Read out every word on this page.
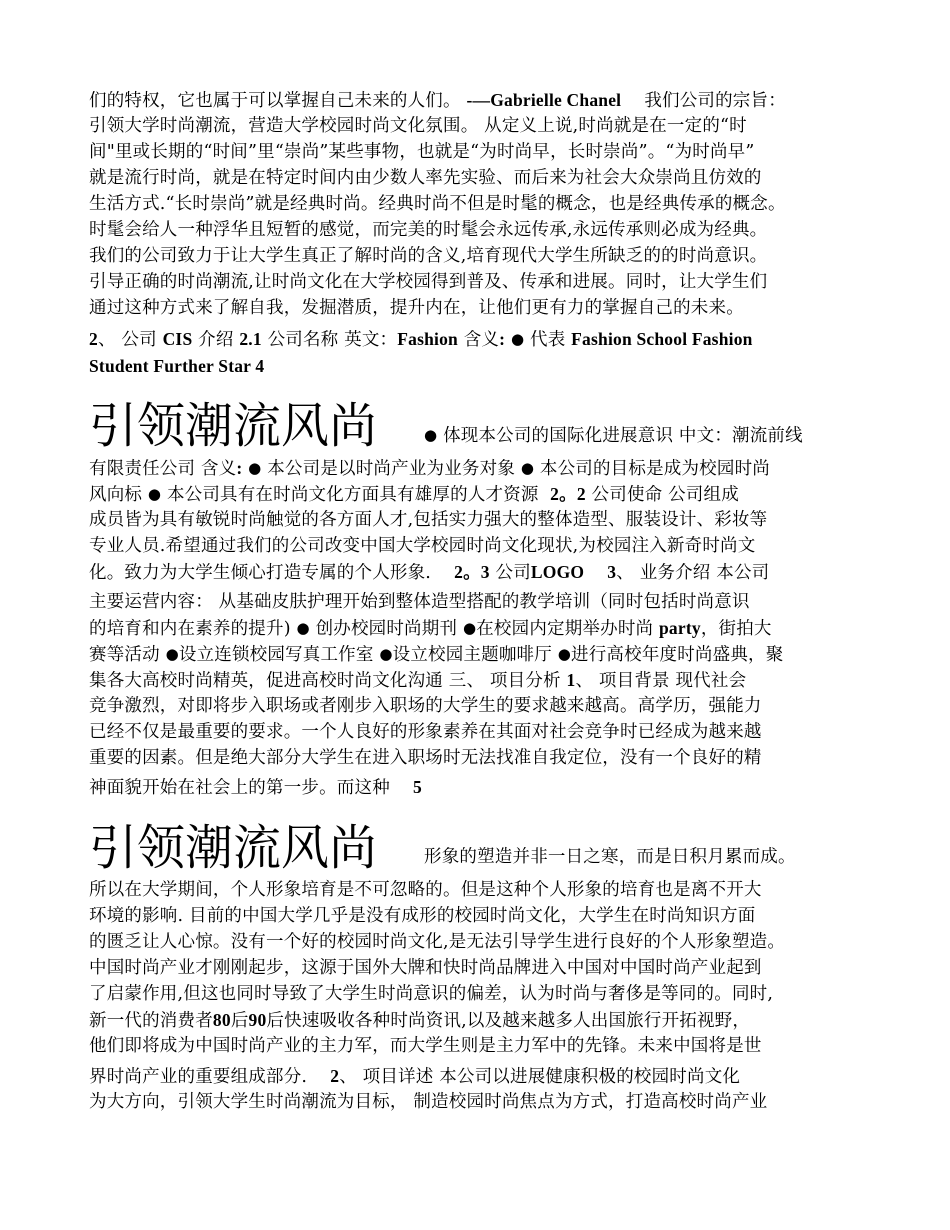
们的特权，它也属于可以掌握自己未来的人们。 -—Gabrielle Chanel 我们公司的宗旨：
引领大学时尚潮流，营造大学校园时尚文化氛围。 从定义上说,时尚就是在一定的“时
间"里或长期的“时间”里“崇尚”某些事物，也就是“为时尚早，长时崇尚”。“为时尚早”
就是流行时尚，就是在特定时间内由少数人率先实验、而后来为社会大众崇尚且仿效的
生活方式.“长时崇尚”就是经典时尚。经典时尚不但是时髦的概念，也是经典传承的概念。
时髦会给人一种浮华且短暂的感觉，而完美的时髦会永远传承,永远传承则必成为经典。
我们的公司致力于让大学生真正了解时尚的含义,培育现代大学生所缺乏的的时尚意识。
引导正确的时尚潮流,让时尚文化在大学校园得到普及、传承和进展。同时，让大学生们
通过这种方式来了解自我，发掘潜质，提升内在，让他们更有力的掌握自己的未来。
2、 公司 CIS 介绍 2.1 公司名称 英文：Fashion 含义: ● 代表 Fashion School Fashion
Student Further Star 4
引领潮流风尚	● 体现本公司的国际化进展意识 中文：潮流前线
有限责任公司 含义: ● 本公司是以时尚产业为业务对象 ● 本公司的目标是成为校园时尚
风向标 ● 本公司具有在时尚文化方面具有雄厚的人才资源 2。2 公司使命 公司组成
成员皆为具有敏锐时尚触觉的各方面人才,包括实力强大的整体造型、服装设计、彩妆等
专业人员.希望通过我们的公司改变中国大学校园时尚文化现状,为校园注入新奇时尚文
化。致力为大学生倾心打造专属的个人形象. 2。3 公司LOGO 3、 业务介绍 本公司
主要运营内容： 从基础皮肤护理开始到整体造型搭配的教学培训（同时包括时尚意识
的培育和内在素养的提升) ● 创办校园时尚期刊 ●在校园内定期举办时尚 party，街拍大
赛等活动 ●设立连锁校园写真工作室 ●设立校园主题咖啡厅 ●进行高校年度时尚盛典，聚
集各大高校时尚精英，促进高校时尚文化沟通 三、 项目分析 1、 项目背景 现代社会
竞争激烈，对即将步入职场或者刚步入职场的大学生的要求越来越高。高学历，强能力
已经不仅是最重要的要求。一个人良好的形象素养在其面对社会竞争时已经成为越来越
重要的因素。但是绝大部分大学生在进入职场时无法找准自我定位，没有一个良好的精
神面貌开始在社会上的第一步。而这种 5
引领潮流风尚	形象的塑造并非一日之寒，而是日积月累而成。
所以在大学期间，个人形象培育是不可忽略的。但是这种个人形象的培育也是离不开大
环境的影响. 目前的中国大学几乎是没有成形的校园时尚文化，大学生在时尚知识方面
的匮乏让人心惊。没有一个好的校园时尚文化,是无法引导学生进行良好的个人形象塑造。
中国时尚产业才刚刚起步，这源于国外大牌和快时尚品牌进入中国对中国时尚产业起到
了启蒙作用,但这也同时导致了大学生时尚意识的偏差，认为时尚与奢侈是等同的。同时,
新一代的消费者80后90后快速吸收各种时尚资讯,以及越来越多人出国旅行开拓视野，
他们即将成为中国时尚产业的主力军，而大学生则是主力军中的先锋。未来中国将是世
界时尚产业的重要组成部分. 2、 项目详述 本公司以进展健康积极的校园时尚文化
为大方向，引领大学生时尚潮流为目标， 制造校园时尚焦点为方式，打造高校时尚产业
